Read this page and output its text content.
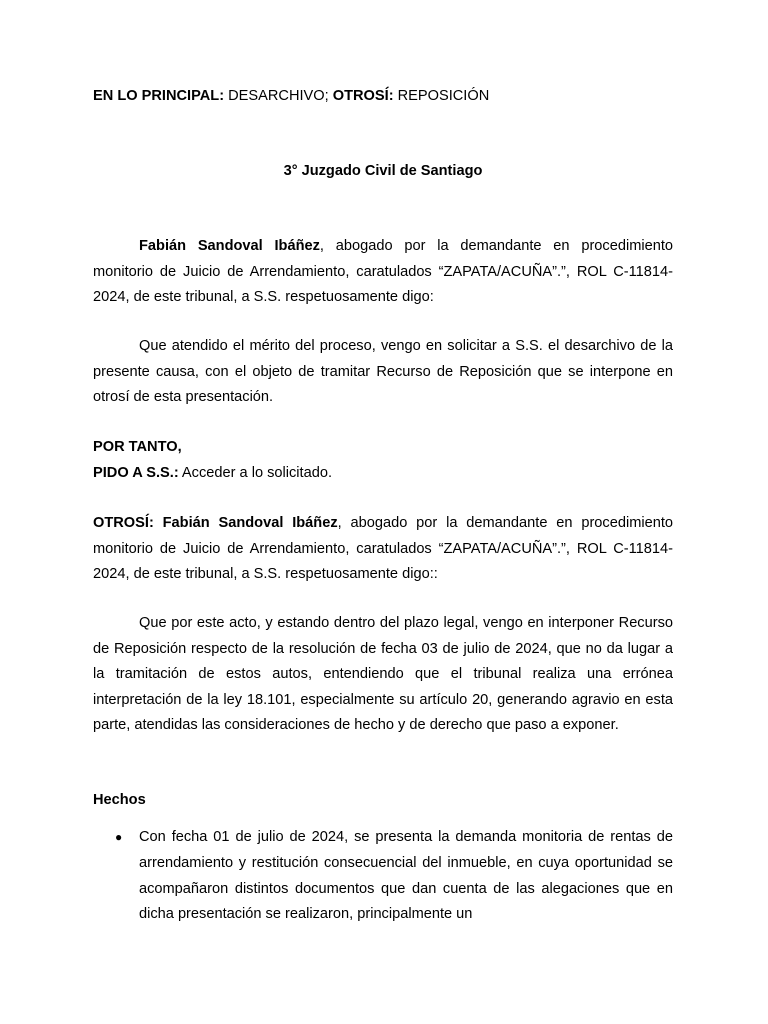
EN LO PRINCIPAL: DESARCHIVO; OTROSÍ: REPOSICIÓN
3° Juzgado Civil de Santiago
Fabián Sandoval Ibáñez, abogado por la demandante en procedimiento monitorio de Juicio de Arrendamiento, caratulados “ZAPATA/ACUÑA”.”, ROL C-11814-2024, de este tribunal, a S.S. respetuosamente digo:
Que atendido el mérito del proceso, vengo en solicitar a S.S. el desarchivo de la presente causa, con el objeto de tramitar Recurso de Reposición que se interpone en otrosí de esta presentación.
POR TANTO,
PIDO A S.S.: Acceder a lo solicitado.
OTROSÍ: Fabián Sandoval Ibáñez, abogado por la demandante en procedimiento monitorio de Juicio de Arrendamiento, caratulados “ZAPATA/ACUÑA”.”, ROL C-11814-2024, de este tribunal, a S.S. respetuosamente digo::
Que por este acto, y estando dentro del plazo legal, vengo en interponer Recurso de Reposición respecto de la resolución de fecha 03 de julio de 2024, que no da lugar a la tramitación de estos autos, entendiendo que el tribunal realiza una errónea interpretación de la ley 18.101, especialmente su artículo 20, generando agravio en esta parte, atendidas las consideraciones de hecho y de derecho que paso a exponer.
Hechos
● Con fecha 01 de julio de 2024, se presenta la demanda monitoria de rentas de arrendamiento y restitución consecuencial del inmueble, en cuya oportunidad se acompañaron distintos documentos que dan cuenta de las alegaciones que en dicha presentación se realizaron, principalmente un
